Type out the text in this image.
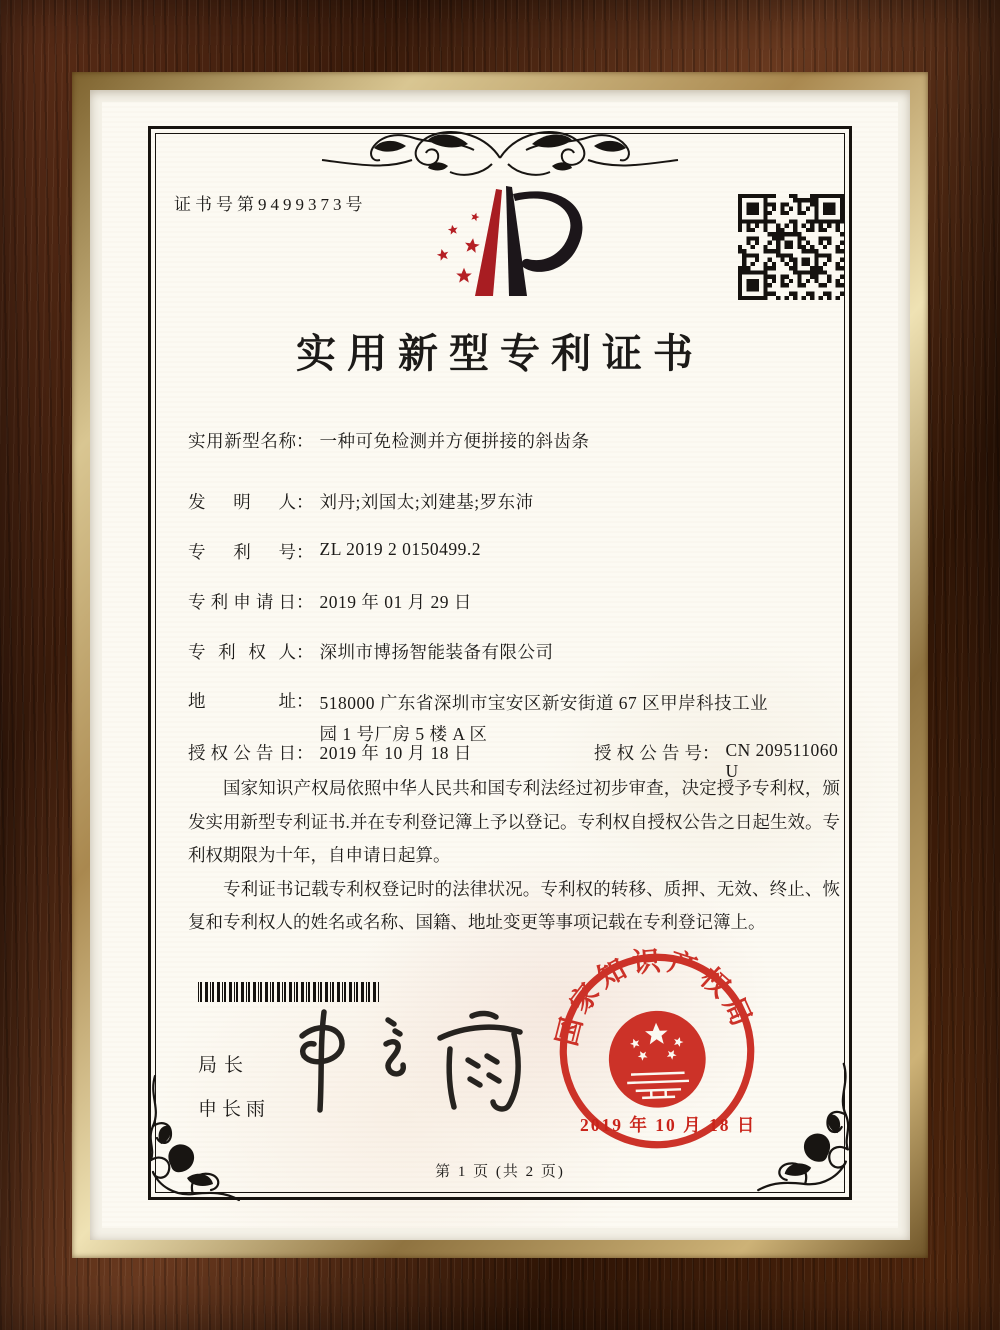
证书号第9499373号
实用新型专利证书
实用新型名称 ： 一种可免检测并方便拼接的斜齿条
发明人 ： 刘丹;刘国太;刘建基;罗东沛
专利号 ： ZL 2019 2 0150499.2
专利申请日 ： 2019 年 01 月 29 日
专利权人 ： 深圳市博扬智能装备有限公司
地址 ： 518000 广东省深圳市宝安区新安街道 67 区甲岸科技工业园 1 号厂房 5 楼 A 区
授权公告日 ： 2019 年 10 月 18 日	授权公告号 ： CN 209511060 U

国家知识产权局依照中华人民共和国专利法经过初步审查，决定授予专利权，颁发实用新型专利证书.并在专利登记簿上予以登记。专利权自授权公告之日起生效。专利权期限为十年，自申请日起算。

专利证书记载专利权登记时的法律状况。专利权的转移、质押、无效、终止、恢复和专利权人的姓名或名称、国籍、地址变更等事项记载在专利登记簿上。

局长
申长雨
国家知识产权局
2019 年 10 月 18 日
第 1 页 (共 2 页)
